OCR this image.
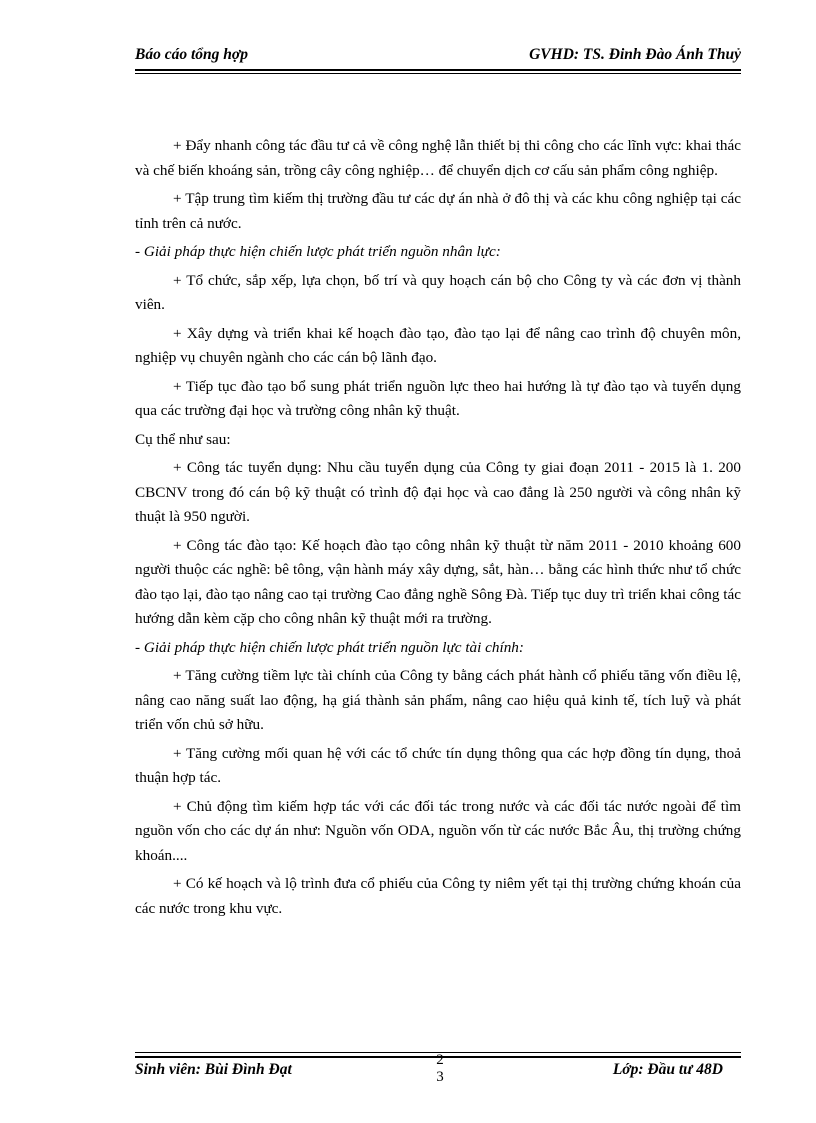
Báo cáo tổng hợp	GVHD: TS. Đinh Đào Ánh Thuỷ

+ Đẩy nhanh công tác đầu tư cả về công nghệ lẫn thiết bị thi công cho các lĩnh vực: khai thác và chế biến khoáng sản, trồng cây công nghiệp… để chuyển dịch cơ cấu sản phẩm công nghiệp.

+ Tập trung tìm kiếm thị trường đầu tư các dự án nhà ở đô thị và các khu công nghiệp tại các tỉnh trên cả nước.

- Giải pháp thực hiện chiến lược phát triển nguồn nhân lực:

+ Tổ chức, sắp xếp, lựa chọn, bố trí và quy hoạch cán bộ cho Công ty và các đơn vị thành viên.

+ Xây dựng và triển khai kế hoạch đào tạo, đào tạo lại để nâng cao trình độ chuyên môn, nghiệp vụ chuyên ngành cho các cán bộ lãnh đạo.

+ Tiếp tục đào tạo bổ sung phát triển nguồn lực theo hai hướng là tự đào tạo và tuyển dụng qua các trường đại học và trường công nhân kỹ thuật.

Cụ thể như sau:

+ Công tác tuyển dụng: Nhu cầu tuyển dụng của Công ty giai đoạn 2011 - 2015 là 1. 200 CBCNV trong đó cán bộ kỹ thuật có trình độ đại học và cao đẳng là 250 người và công nhân kỹ thuật là 950 người.

+ Công tác đào tạo: Kế hoạch đào tạo công nhân kỹ thuật từ năm 2011 - 2010 khoảng 600 người thuộc các nghề: bê tông, vận hành máy xây dựng, sắt, hàn… bằng các hình thức như tổ chức đào tạo lại, đào tạo nâng cao tại trường Cao đẳng nghề Sông Đà. Tiếp tục duy trì triển khai công tác hướng dẫn kèm cặp cho công nhân kỹ thuật mới ra trường.

- Giải pháp thực hiện chiến lược phát triển nguồn lực tài chính:

+ Tăng cường tiềm lực tài chính của Công ty bằng cách phát hành cổ phiếu tăng vốn điều lệ, nâng cao năng suất lao động, hạ giá thành sản phẩm, nâng cao hiệu quả kinh tế, tích luỹ và phát triển vốn chủ sở hữu.

+ Tăng cường mối quan hệ với các tổ chức tín dụng thông qua các hợp đồng tín dụng, thoả thuận hợp tác.

+ Chủ động tìm kiếm hợp tác với các đối tác trong nước và các đối tác nước ngoài để tìm nguồn vốn cho các dự án như: Nguồn vốn ODA, nguồn vốn từ các nước Bắc Âu, thị trường chứng khoán....

+ Có kế hoạch và lộ trình đưa cổ phiếu của Công ty niêm yết tại thị trường chứng khoán của các nước trong khu vực.

Sinh viên: Bùi Đình Đạt
2
3	Lớp: Đầu tư 48D
